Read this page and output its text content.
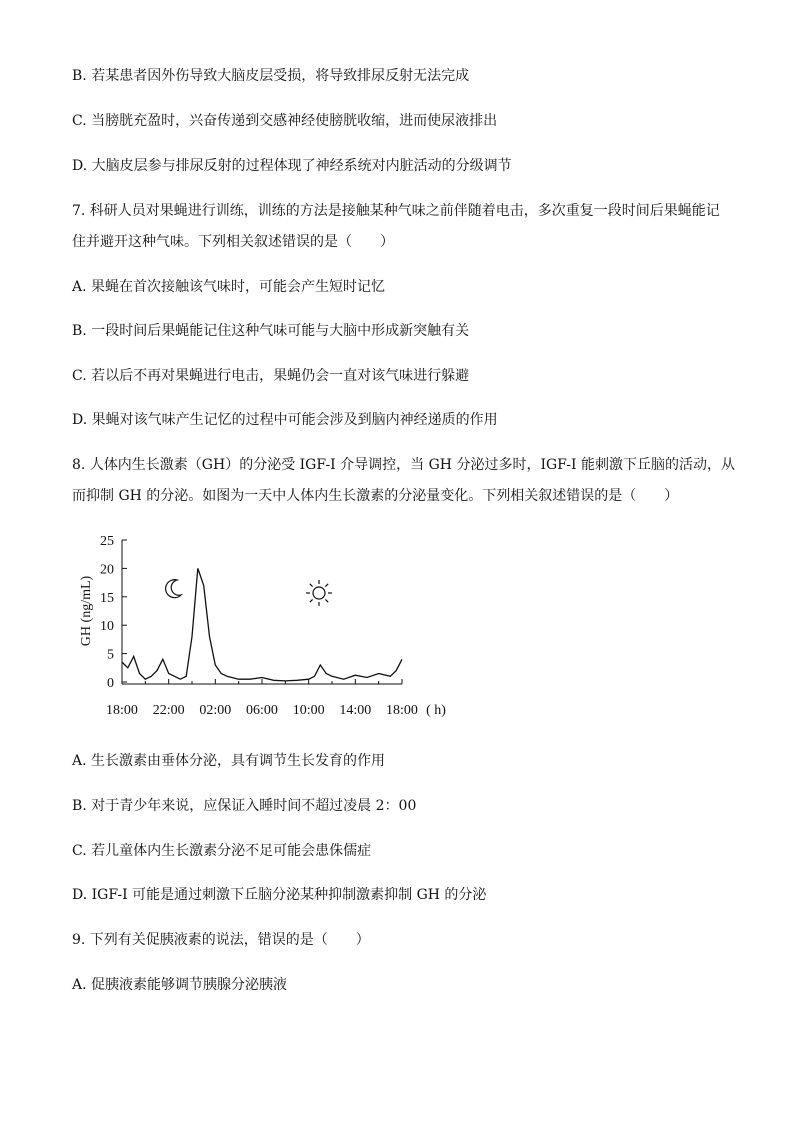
B. 若某患者因外伤导致大脑皮层受损，将导致排尿反射无法完成
C. 当膀胱充盈时，兴奋传递到交感神经使膀胱收缩，进而使尿液排出
D. 大脑皮层参与排尿反射的过程体现了神经系统对内脏活动的分级调节
7. 科研人员对果蝇进行训练，训练的方法是接触某种气味之前伴随着电击，多次重复一段时间后果蝇能记
住并避开这种气味。下列相关叙述错误的是（　　）
A. 果蝇在首次接触该气味时，可能会产生短时记忆
B. 一段时间后果蝇能记住这种气味可能与大脑中形成新突触有关
C. 若以后不再对果蝇进行电击，果蝇仍会一直对该气味进行躲避
D. 果蝇对该气味产生记忆的过程中可能会涉及到脑内神经递质的作用
8. 人体内生长激素（GH）的分泌受 IGF-I 介导调控，当 GH 分泌过多时，IGF-I 能刺激下丘脑的活动，从
而抑制 GH 的分泌。如图为一天中人体内生长激素的分泌量变化。下列相关叙述错误的是（　　）
A. 生长激素由垂体分泌，具有调节生长发育的作用
B. 对于青少年来说，应保证入睡时间不超过凌晨 2：00
C. 若儿童体内生长激素分泌不足可能会患侏儒症
D. IGF-I 可能是通过刺激下丘脑分泌某种抑制激素抑制 GH 的分泌
9. 下列有关促胰液素的说法，错误的是（　　）
A. 促胰液素能够调节胰腺分泌胰液
0
5
10
15
20
25
18:00 22:00 02:00 06:00 10:00 14:00 18:00 ( h)
GH (ng/mL)
